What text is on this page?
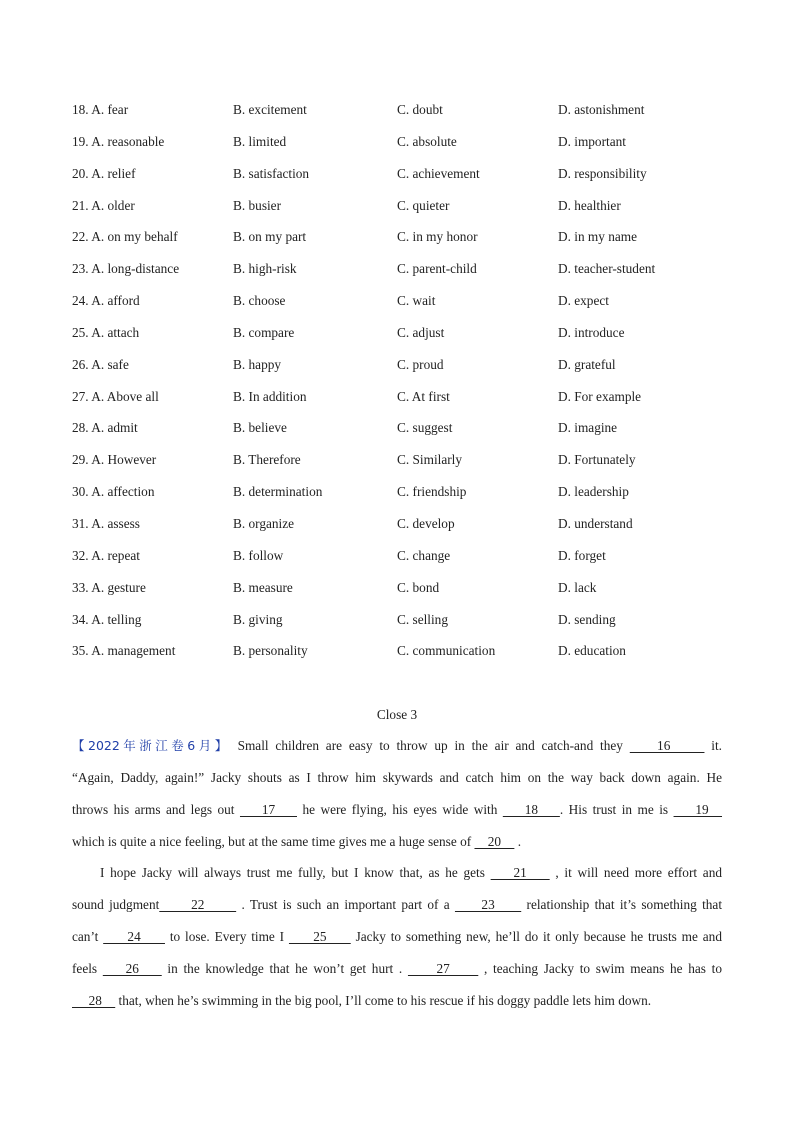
18. A. fear	B. excitement	C. doubt	D. astonishment
19. A. reasonable	B. limited	C. absolute	D. important
20. A. relief	B. satisfaction	C. achievement	D. responsibility
21. A. older	B. busier	C. quieter	D. healthier
22. A. on my behalf	B. on my part	C. in my honor	D. in my name
23. A. long-distance	B. high-risk	C. parent-child	D. teacher-student
24. A. afford	B. choose	C. wait	D. expect
25. A. attach	B. compare	C. adjust	D. introduce
26. A. safe	B. happy	C. proud	D. grateful
27. A. Above all	B. In addition	C. At first	D. For example
28. A. admit	B. believe	C. suggest	D. imagine
29. A. However	B. Therefore	C. Similarly	D. Fortunately
30. A. affection	B. determination	C. friendship	D. leadership
31. A. assess	B. organize	C. develop	D. understand
32. A. repeat	B. follow	C. change	D. forget
33. A. gesture	B. measure	C. bond	D. lack
34. A. telling	B. giving	C. selling	D. sending
35. A. management	B. personality	C. communication	D. education
Close 3
【2022年浙江卷6月】 Small children are easy to throw up in the air and catch-and they     16      it.
“Again, Daddy, again!” Jacky shouts as I throw him skywards and catch him on the way back down again. He
throws his arms and legs out     17     he were flying, his eyes wide with     18    . His trust in me is     19
which is quite a nice feeling, but at the same time gives me a huge sense of     20     .
I hope Jacky will always trust me fully, but I know that, as he gets     21     , it will need more effort and
sound judgment      22       . Trust is such an important part of a      23      relationship that it’s something that
can’t      24      to lose. Every time I      25      Jacky to something new, he’ll do it only because he trusts me and
feels     26     in the knowledge that he won’t get hurt .      27      , teaching Jacky to swim means he has to
28     that, when he’s swimming in the big pool, I’ll come to his rescue if his doggy paddle lets him down.
